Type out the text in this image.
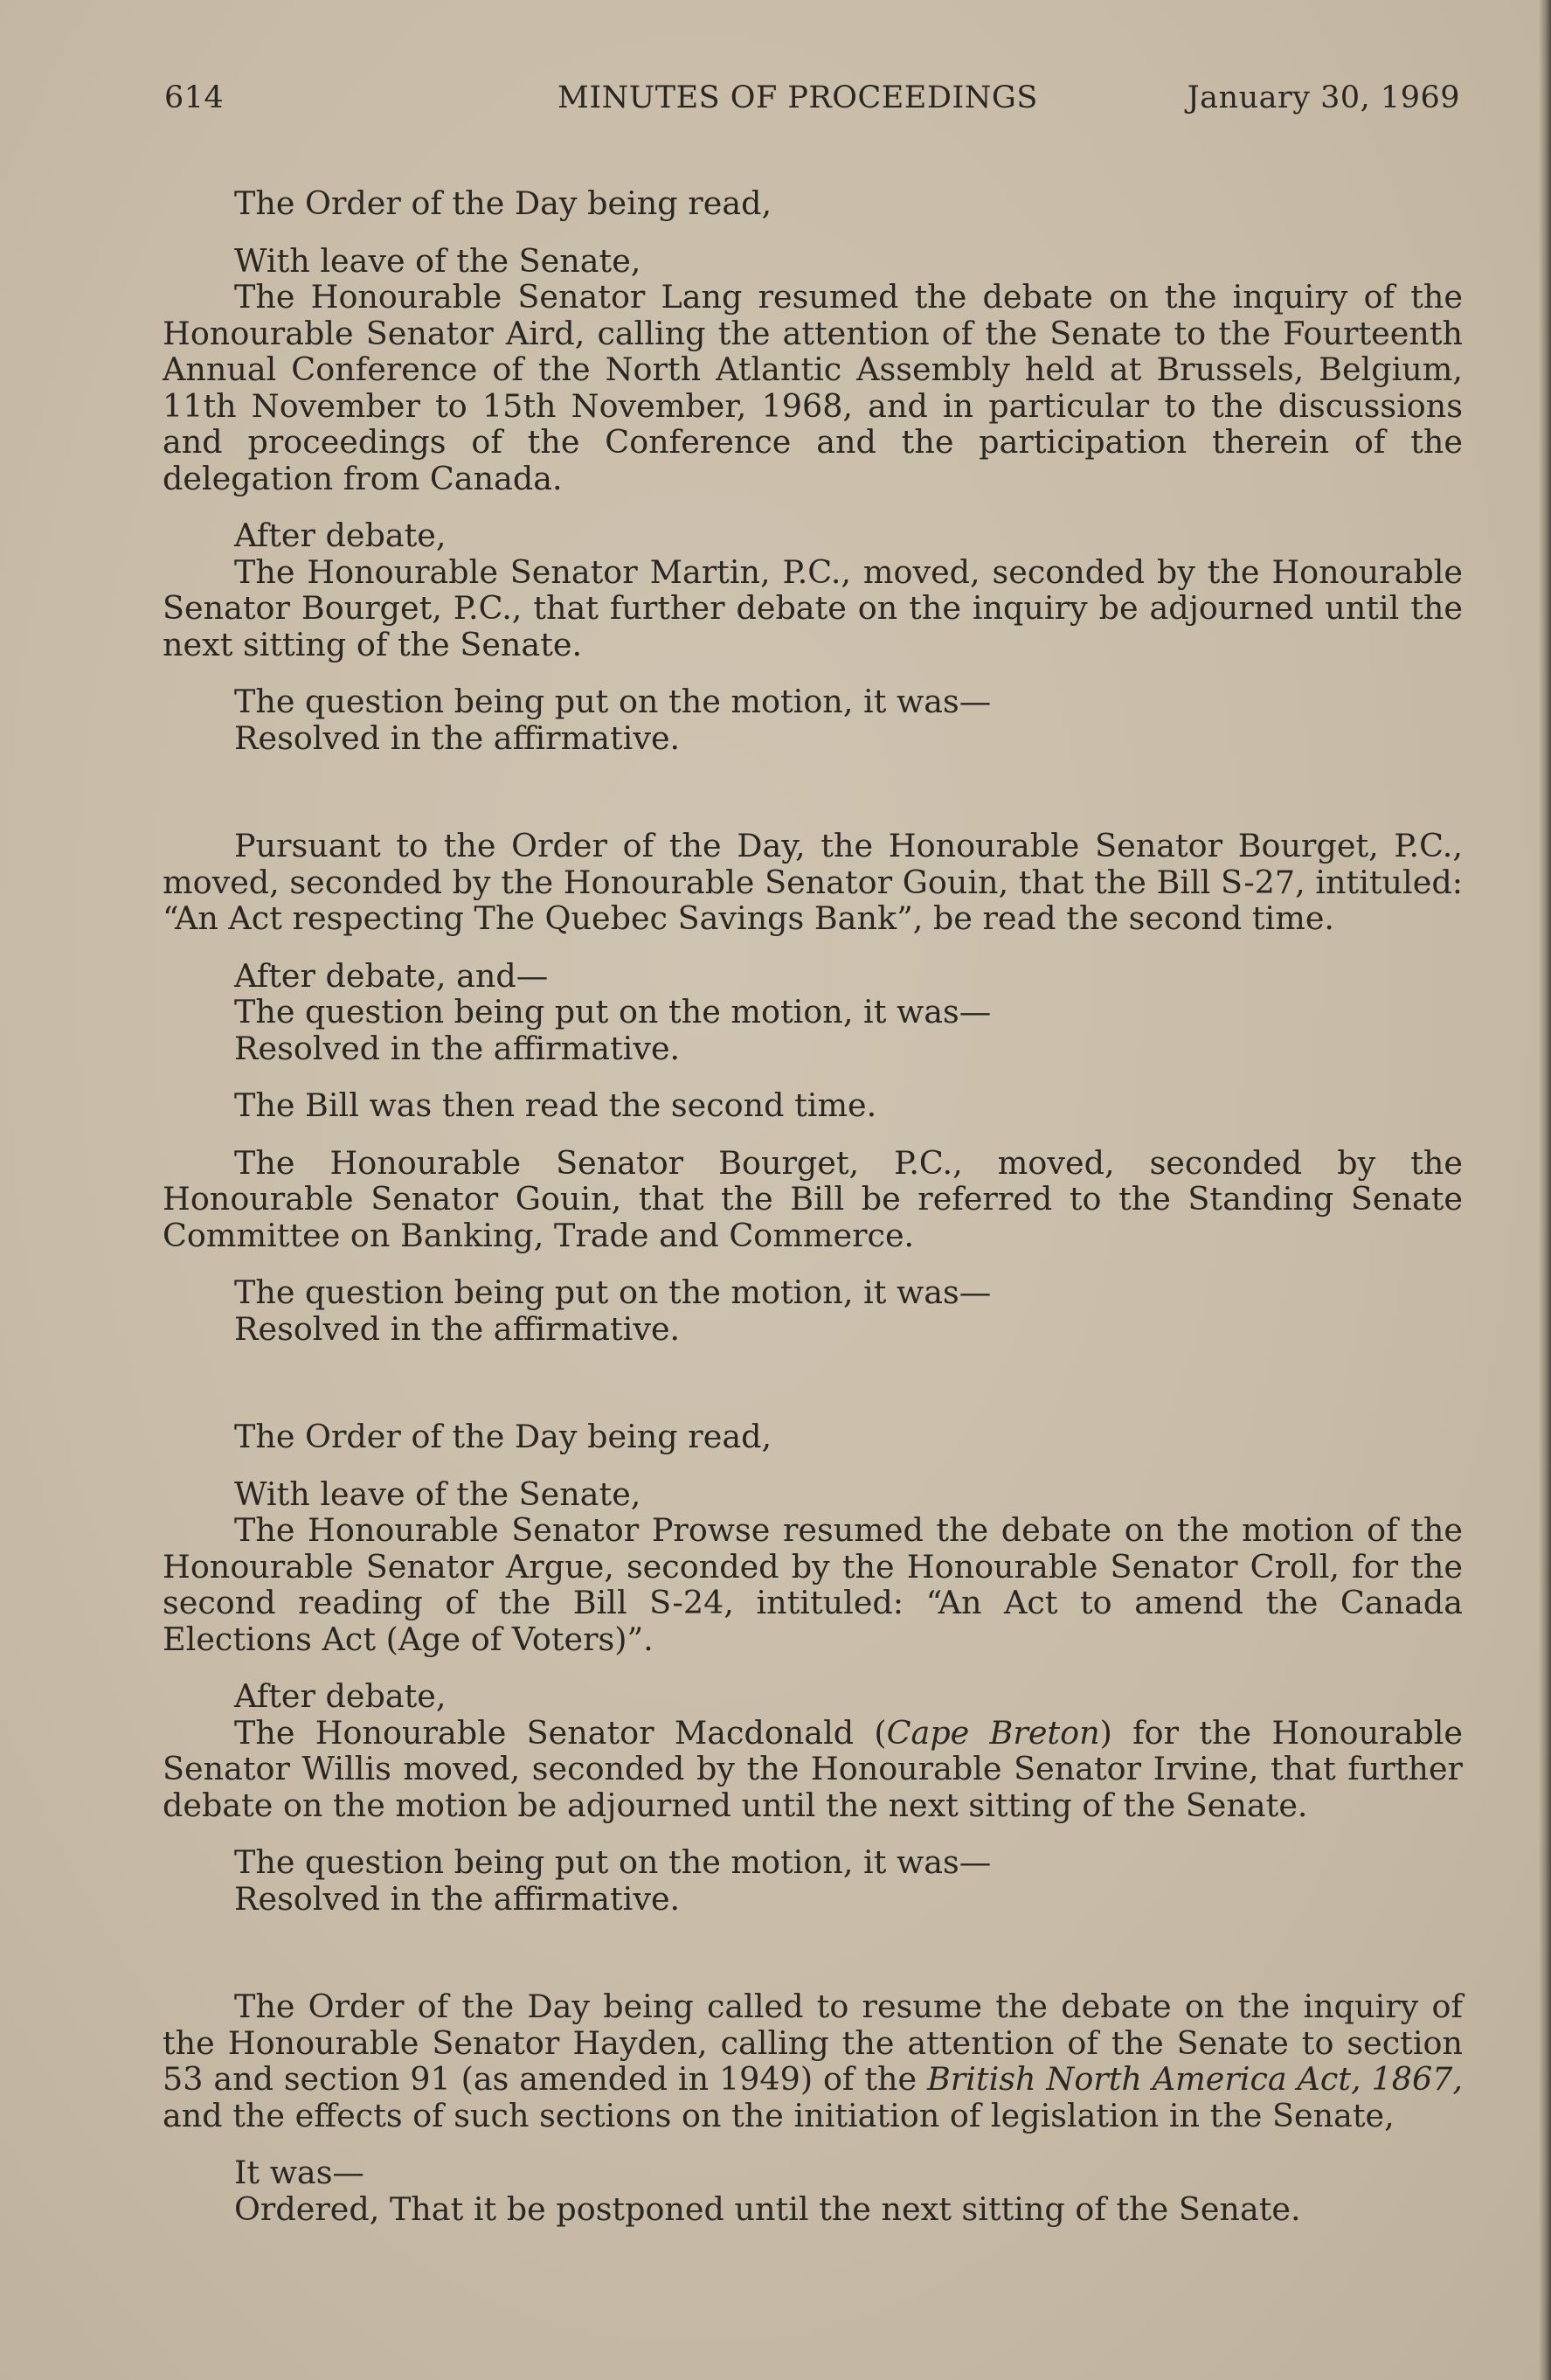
614	MINUTES OF PROCEEDINGS	January 30, 1969

The Order of the Day being read,

With leave of the Senate,

The Honourable Senator Lang resumed the debate on the inquiry of the Honourable Senator Aird, calling the attention of the Senate to the Fourteenth Annual Conference of the North Atlantic Assembly held at Brussels, Belgium, 11th November to 15th November, 1968, and in particular to the discussions and proceedings of the Conference and the participation therein of the delegation from Canada.

After debate,

The Honourable Senator Martin, P.C., moved, seconded by the Honourable Senator Bourget, P.C., that further debate on the inquiry be adjourned until the next sitting of the Senate.

The question being put on the motion, it was—

Resolved in the affirmative.

Pursuant to the Order of the Day, the Honourable Senator Bourget, P.C., moved, seconded by the Honourable Senator Gouin, that the Bill S-27, intituled: “An Act respecting The Quebec Savings Bank”, be read the second time.

After debate, and—

The question being put on the motion, it was—

Resolved in the affirmative.

The Bill was then read the second time.

The Honourable Senator Bourget, P.C., moved, seconded by the Honourable Senator Gouin, that the Bill be referred to the Standing Senate Committee on Banking, Trade and Commerce.

The question being put on the motion, it was—

Resolved in the affirmative.

The Order of the Day being read,

With leave of the Senate,

The Honourable Senator Prowse resumed the debate on the motion of the Honourable Senator Argue, seconded by the Honourable Senator Croll, for the second reading of the Bill S-24, intituled: “An Act to amend the Canada Elections Act (Age of Voters)”.

After debate,

The Honourable Senator Macdonald (Cape Breton) for the Honourable Senator Willis moved, seconded by the Honourable Senator Irvine, that further debate on the motion be adjourned until the next sitting of the Senate.

The question being put on the motion, it was—

Resolved in the affirmative.

The Order of the Day being called to resume the debate on the inquiry of the Honourable Senator Hayden, calling the attention of the Senate to section 53 and section 91 (as amended in 1949) of the British North America Act, 1867, and the effects of such sections on the initiation of legislation in the Senate,

It was—

Ordered, That it be postponed until the next sitting of the Senate.
